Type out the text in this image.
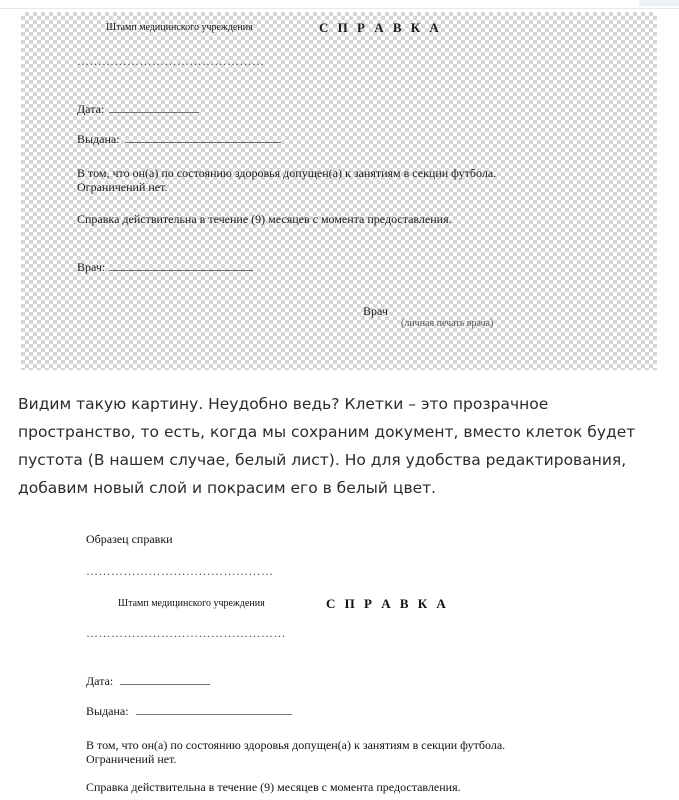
Штамп медицинского учреждения	С П Р А В К А
………………………………………
Дата: _______________
Выдана: __________________________
В том, что он(а) по состоянию здоровья допущен(а) к занятиям в секции футбола.
Ограничений нет.
Справка действительна в течение (9) месяцев с момента предоставления.
Врач: ________________________
Врач
(личная печать врача)

Видим такую картину. Неудобно ведь? Клетки – это прозрачное пространство, то есть, когда мы сохраним документ, вместо клеток будет пустота (В нашем случае, белый лист). Но для удобства редактирования, добавим новый слой и покрасим его в белый цвет.

Образец справки
………………………………………
Штамп медицинского учреждения	С П Р А В К А
…………………………………………
Дата: _______________
Выдана: __________________________
В том, что он(а) по состоянию здоровья допущен(а) к занятиям в секции футбола.
Ограничений нет.
Справка действительна в течение (9) месяцев с момента предоставления.
